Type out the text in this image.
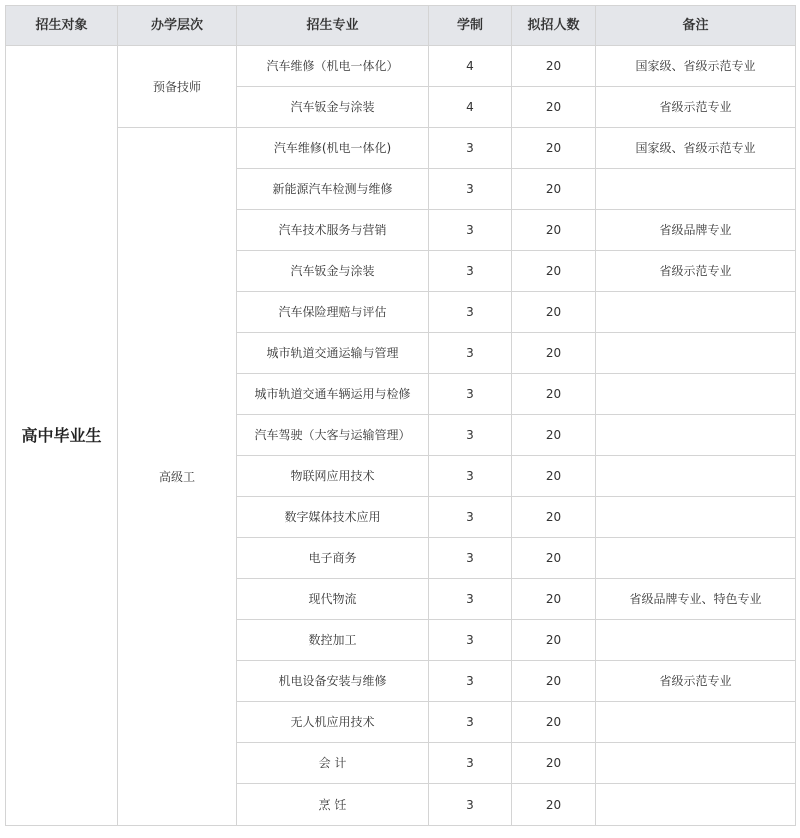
招生对象	办学层次	招生专业	学制	拟招人数	备注
高中毕业生	预备技师	汽车维修（机电一体化）	4	20	国家级、省级示范专业
		汽车钣金与涂装	4	20	省级示范专业
	高级工	汽车维修(机电一体化)	3	20	国家级、省级示范专业
		新能源汽车检测与维修	3	20	
		汽车技术服务与营销	3	20	省级品牌专业
		汽车钣金与涂装	3	20	省级示范专业
		汽车保险理赔与评估	3	20	
		城市轨道交通运输与管理	3	20	
		城市轨道交通车辆运用与检修	3	20	
		汽车驾驶（大客与运输管理）	3	20	
		物联网应用技术	3	20	
		数字媒体技术应用	3	20	
		电子商务	3	20	
		现代物流	3	20	省级品牌专业、特色专业
		数控加工	3	20	
		机电设备安装与维修	3	20	省级示范专业
		无人机应用技术	3	20	
		会 计	3	20	
		烹 饪	3	20	
